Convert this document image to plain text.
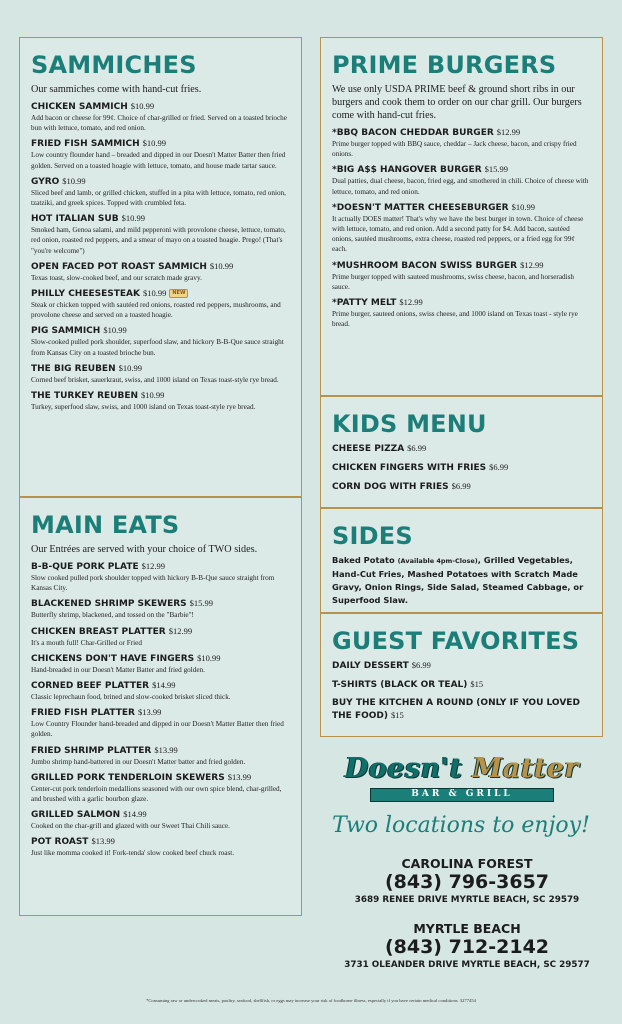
SAMMICHES
Our sammiches come with hand-cut fries.
CHICKEN SAMMICH $10.99
Add bacon or cheese for 99¢. Choice of char-grilled or fried. Served on a toasted brioche bun with lettuce, tomato, and red onion.
FRIED FISH SAMMICH $10.99
Low country flounder hand – breaded and dipped in our Doesn't Matter Batter then fried golden. Served on a toasted hoagie with lettuce, tomato, and house made tartar sauce.
GYRO $10.99
Sliced beef and lamb, or grilled chicken, stuffed in a pita with lettuce, tomato, red onion, tzatziki, and greek spices. Topped with crumbled feta.
HOT ITALIAN SUB $10.99
Smoked ham, Genoa salami, and mild pepperoni with provolone cheese, lettuce, tomato, red onion, roasted red peppers, and a smear of mayo on a toasted hoagie. Prego! (That's "you're welcome")
OPEN FACED POT ROAST SAMMICH $10.99
Texas toast, slow-cooked beef, and our scratch made gravy.
PHILLY CHEESESTEAK $10.99 NEW
Steak or chicken topped with sautéed red onions, roasted red peppers, mushrooms, and provolone cheese and served on a toasted hoagie.
PIG SAMMICH $10.99
Slow-cooked pulled pork shoulder, superfood slaw, and hickory B-B-Que sauce straight from Kansas City on a toasted brioche bun.
THE BIG REUBEN $10.99
Corned beef brisket, sauerkraut, swiss, and 1000 island on Texas toast-style rye bread.
THE TURKEY REUBEN $10.99
Turkey, superfood slaw, swiss, and 1000 island on Texas toast-style rye bread.
MAIN EATS
Our Entrées are served with your choice of TWO sides.
B-B-QUE PORK PLATE $12.99
Slow cooked pulled pork shoulder topped with hickory B-B-Que sauce straight from Kansas City.
BLACKENED SHRIMP SKEWERS $15.99
Butterfly shrimp, blackened, and tossed on the "Barbie"!
CHICKEN BREAST PLATTER $12.99
It's a mouth full! Char-Grilled or Fried
CHICKENS DON'T HAVE FINGERS $10.99
Hand-breaded in our Doesn't Matter Batter and fried golden.
CORNED BEEF PLATTER $14.99
Classic leprechaun food, brined and slow-cooked brisket sliced thick.
FRIED FISH PLATTER $13.99
Low Country Flounder hand-breaded and dipped in our Doesn't Matter Batter then fried golden.
FRIED SHRIMP PLATTER $13.99
Jumbo shrimp hand-battered in our Doesn't Matter batter and fried golden.
GRILLED PORK TENDERLOIN SKEWERS $13.99
Center-cut pork tenderloin medallions seasoned with our own spice blend, char-grilled, and brushed with a garlic bourbon glaze.
GRILLED SALMON $14.99
Cooked on the char-grill and glazed with our Sweet Thai Chili sauce.
POT ROAST $13.99
Just like momma cooked it! Fork-tenda' slow cooked beef chuck roast.
PRIME BURGERS
We use only USDA PRIME beef & ground short ribs in our burgers and cook them to order on our char grill. Our burgers come with hand-cut fries.
*BBQ BACON CHEDDAR BURGER $12.99
Prime burger topped with BBQ sauce, cheddar – Jack cheese, bacon, and crispy fried onions.
*BIG A$$ HANGOVER BURGER $15.99
Dual patties, dual cheese, bacon, fried egg, and smothered in chili. Choice of cheese with lettuce, tomato, and red onion.
*DOESN'T MATTER CHEESEBURGER $10.99
It actually DOES matter! That's why we have the best burger in town. Choice of cheese with lettuce, tomato, and red onion. Add a second patty for $4. Add bacon, sautéed onions, sautéed mushrooms, extra cheese, roasted red peppers, or a fried egg for 99¢ each.
*MUSHROOM BACON SWISS BURGER $12.99
Prime burger topped with sauteed mushrooms, swiss cheese, bacon, and horseradish sauce.
*PATTY MELT $12.99
Prime burger, sauteed onions, swiss cheese, and 1000 island on Texas toast - style rye bread.
KIDS MENU
CHEESE PIZZA $6.99
CHICKEN FINGERS WITH FRIES $6.99
CORN DOG WITH FRIES $6.99
SIDES
Baked Potato (Available 4pm-Close), Grilled Vegetables, Hand-Cut Fries, Mashed Potatoes with Scratch Made Gravy, Onion Rings, Side Salad, Steamed Cabbage, or Superfood Slaw.
GUEST FAVORITES
DAILY DESSERT $6.99
T-SHIRTS (BLACK OR TEAL) $15
BUY THE KITCHEN A ROUND (ONLY IF YOU LOVED THE FOOD) $15
Doesn't Matter
BAR & GRILL
Two locations to enjoy!
CAROLINA FOREST
(843) 796-3657
3689 RENEE DRIVE MYRTLE BEACH, SC 29579
MYRTLE BEACH
(843) 712-2142
3731 OLEANDER DRIVE MYRTLE BEACH, SC 29577
*Consuming raw or undercooked meats, poultry, seafood, shellfish, or eggs may increase your risk of foodborne illness, especially if you have certain medical conditions. 3277454
